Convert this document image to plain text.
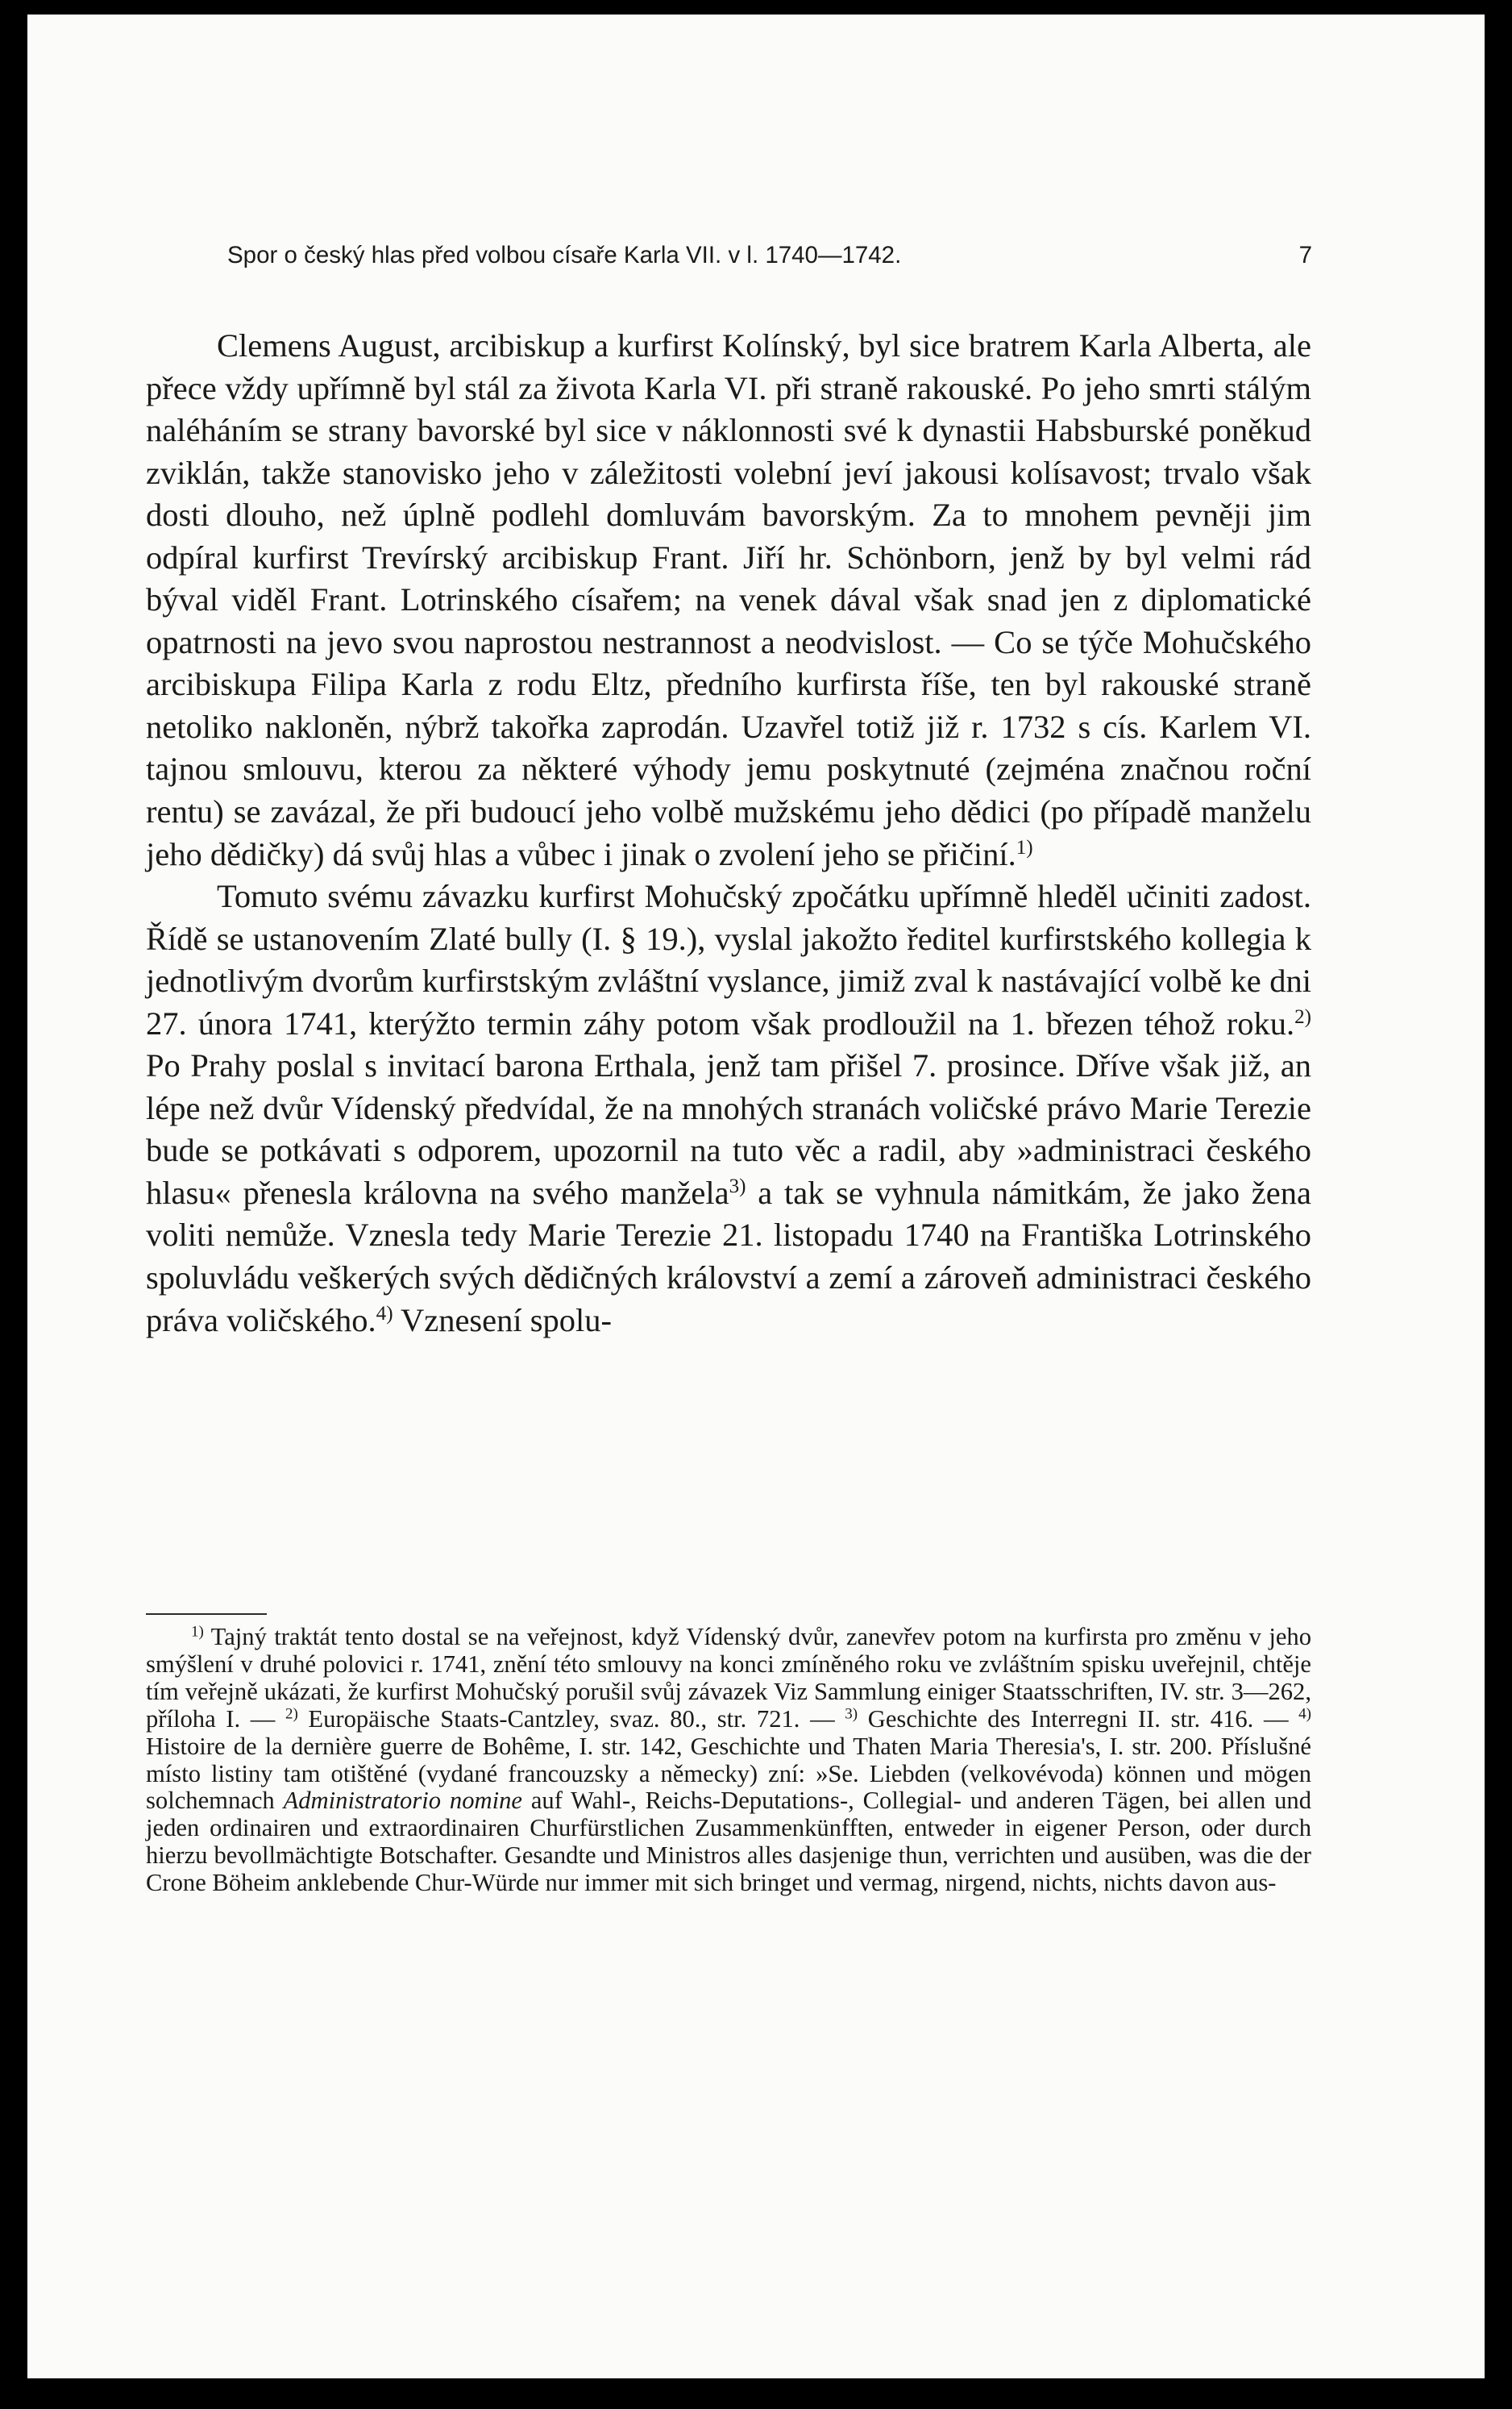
Spor o český hlas před volbou císaře Karla VII. v l. 1740—1742.	7

Clemens August, arcibiskup a kurfirst Kolínský, byl sice bratrem Karla Alberta, ale přece vždy upřímně byl stál za života Karla VI. při straně rakouské. Po jeho smrti stálým naléháním se strany bavorské byl sice v náklonnosti své k dynastii Habsburské poněkud zviklán, takže stanovisko jeho v záležitosti volební jeví jakousi kolísavost; trvalo však dosti dlouho, než úplně podlehl domluvám bavorským. Za to mnohem pevněji jim odpíral kurfirst Trevírský arcibiskup Frant. Jiří hr. Schönborn, jenž by byl velmi rád býval viděl Frant. Lotrinského císařem; na venek dával však snad jen z diplomatické opatrnosti na jevo svou naprostou nestrannost a neodvislost. — Co se týče Mohučského arcibiskupa Filipa Karla z rodu Eltz, předního kurfirsta říše, ten byl rakouské straně netoliko nakloněn, nýbrž takořka zaprodán. Uzavřel totiž již r. 1732 s cís. Karlem VI. tajnou smlouvu, kterou za některé výhody jemu poskytnuté (zejména značnou roční rentu) se zavázal, že při budoucí jeho volbě mužskému jeho dědici (po případě manželu jeho dědičky) dá svůj hlas a vůbec i jinak o zvolení jeho se přičiní.$^{1)}$

Tomuto svému závazku kurfirst Mohučský zpočátku upřímně hleděl učiniti zadost. Řídě se ustanovením Zlaté bully (I. § 19.), vyslal jakožto ředitel kurfirstského kollegia k jednotlivým dvorům kurfirstským zvláštní vyslance, jimiž zval k nastávající volbě ke dni 27. února 1741, kterýžto termin záhy potom však prodloužil na 1. březen téhož roku.$^{2)}$ Po Prahy poslal s invitací barona Erthala, jenž tam přišel 7. prosince. Dříve však již, an lépe než dvůr Vídenský předvídal, že na mnohých stranách voličské právo Marie Terezie bude se potkávati s odporem, upozornil na tuto věc a radil, aby »administraci českého hlasu« přenesla královna na svého manžela$^{3)}$ a tak se vyhnula námitkám, že jako žena voliti nemůže. Vznesla tedy Marie Terezie 21. listopadu 1740 na Františka Lotrinského spoluvládu veškerých svých dědičných království a zemí a zároveň administraci českého práva voličského.$^{4)}$ Vznesení spolu-

$^{1)}$ Tajný traktát tento dostal se na veřejnost, když Vídenský dvůr, zanevřev potom na kurfirsta pro změnu v jeho smýšlení v druhé polovici r. 1741, znění této smlouvy na konci zmíněného roku ve zvláštním spisku uveřejnil, chtěje tím veřejně ukázati, že kurfirst Mohučský porušil svůj závazek Viz Sammlung einiger Staatsschriften, IV. str. 3—262, příloha I. — $^{2)}$ Europäische Staats-Cantzley, svaz. 80., str. 721. — $^{3)}$ Geschichte des Interregni II. str. 416. — $^{4)}$ Histoire de la dernière guerre de Bohême, I. str. 142, Geschichte und Thaten Maria Theresia's, I. str. 200. Příslušné místo listiny tam otištěné (vydané francouzsky a německy) zní: »Se. Liebden (velkovévoda) können und mögen solchemnach Administratorio nomine auf Wahl-, Reichs-Deputations-, Collegial- und anderen Tägen, bei allen und jeden ordinairen und extraordinairen Churfürstlichen Zusammenkünfften, entweder in eigener Person, oder durch hierzu bevollmächtigte Botschafter. Gesandte und Ministros alles dasjenige thun, verrichten und ausüben, was die der Crone Böheim anklebende Chur-Würde nur immer mit sich bringet und vermag, nirgend, nichts, nichts davon aus-
